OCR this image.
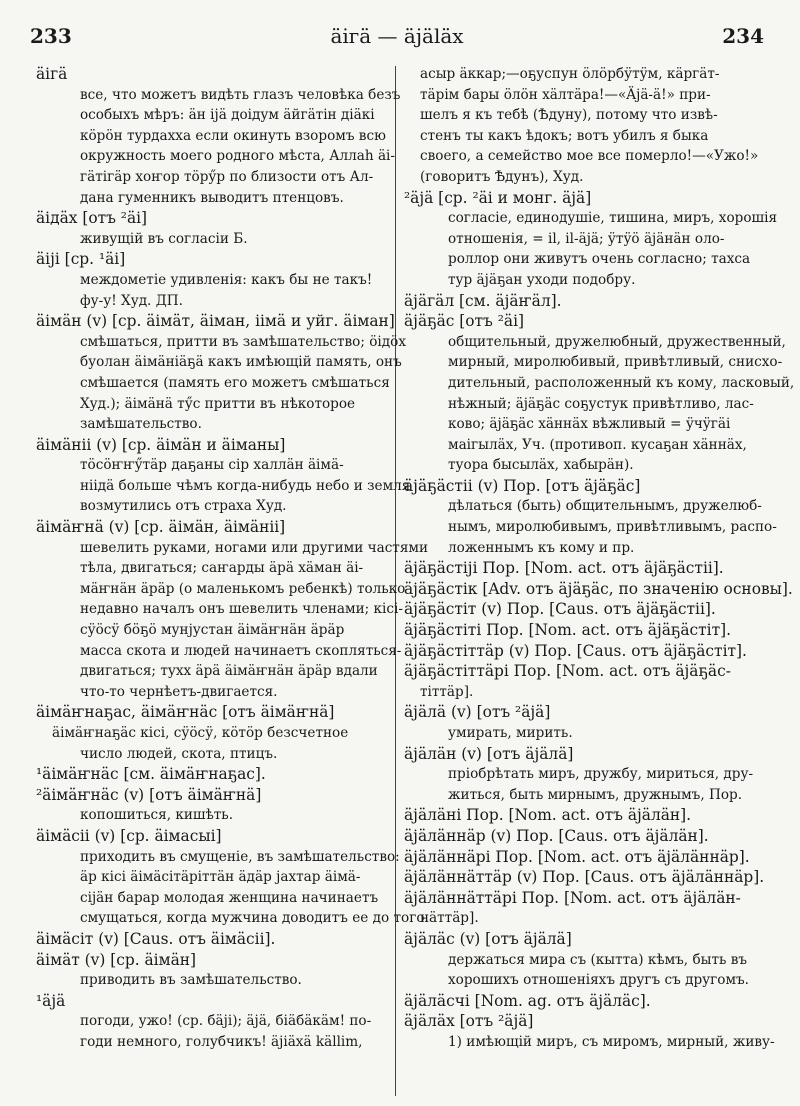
äiгä — äjäläx
233	234
äiгä
все, что можетъ видѣть глазъ человѣка безъ
особыхъ мѣръ: äн ijä доідум äйгäтін дiäкi
кӧрӧн турдахха если окинуть взоромъ всю
окружность моего родного мѣста, Аллаh äi-
гäтiгäр хоҥор тӧрӳр по близости отъ Ал-
дана гуменникъ выводитъ птенцовъ.
äiдäх [отъ ²äi]
живущій въ согласіи Б.
äiji [ср. ¹äi]
междометіе удивленія: какъ бы не такъ!
фу-у! Худ. ДП.
äiмäн (v) [ср. äiмäт, äiман, iiмä и уйг. äiман]
смѣшаться, притти въ замѣшательство; ӧiдӧх
буолан äiмäнiäҕä какъ имѣющій память, онъ
смѣшается (память его можетъ смѣшаться
Худ.); äiмäнä тӳс притти въ нѣкоторое
замѣшательство.
äiмäнii (v) [ср. äiмäн и äiманы]
тӧсӧҥҥӳтäр даҕаны сiр халлäн äiмä-
нiiдä больше чѣмъ когда-нибудь небо и земля
возмутились отъ страха Худ.
äiмäҥнä (v) [ср. äiмäн, äiмäнii]
шевелить руками, ногами или другими частями
тѣла, двигаться; саҥарды äрä хäман äi-
мäҥнäн äрäр (о маленькомъ ребенкѣ) только
недавно началъ онъ шевелить членами; кiсi-
сӱӧсӱ бӧҕӧ мунjустан äiмäҥнäн äрäр
масса скота и людей начинаетъ скопляться-
двигаться; тухх äрä äiмäҥнäн äрäр вдали
что-то чернѣетъ-двигается.
äiмäҥнаҕас, äiмäҥнäс [отъ äiмäҥнä]
äiмäҥнаҕäс кiсi, сӱӧсӱ, кӧтӧр безсчетное
число людей, скота, птицъ.
¹äiмäҥнäс [см. äiмäҥнаҕас].
²äiмäҥнäс (v) [отъ äiмäҥнä]
копошиться, кишѣть.
äiмäсii (v) [ср. äiмасыi]
приходить въ смущеніе, въ замѣшательство:
äр кiсi äiмäсiтäрiттäн äдäр jахтар äiмä-
сijäн барар молодая женщина начинаетъ
смущаться, когда мужчина доводитъ ее до того.
äiмäсiт (v) [Caus. отъ äiмäсii].
äiмäт (v) [ср. äiмäн]
приводить въ замѣшательство.
¹äjä
погоди, ужо! (ср. бäjі); äjä, бiäбäкäм! по-
годи немного, голубчикъ! äjiäxä källim,
асыр äккар;—оҕуспун ӧлӧрбӱтӱм, кäргäт-
тäрiм бары ӧлӧн хäлтäра!—«Äjä-ä!» при-
шелъ я къ тебѣ (Ѣдуну), потому что извѣ-
стенъ ты какъ ѣдокъ; вотъ убилъ я быка
своего, а семейство мое все померло!—«Ужо!»
(говоритъ Ѣдунъ), Худ.
²äjä [ср. ²äi и монг. äjä]
согласіе, единодушіе, тишина, миръ, хорошія
отношенія, = il, il-äjä; ӱтӱӧ äjäнäн оло-
роллор они живутъ очень согласно; тахса
тур äjäҕан уходи подобру.
äjäгäл [см. äjäҥäл].
äjäҕäс [отъ ²äi]
общительный, дружелюбный, дружественный,
мирный, миролюбивый, привѣтливый, снисхо-
дительный, расположенный къ кому, ласковый,
нѣжный; äjäҕäс соҕустук привѣтливо, лас-
ково; äjäҕäс хäннäх вѣжливый = ӱчӱгäi
маiгылäх, Уч. (противоп. кусаҕан хäннäх,
туора бысылäх, хабырäн).
äjäҕäстii (v) Пор. [отъ äjäҕäс]
дѣлаться (быть) общительнымъ, дружелюб-
нымъ, миролюбивымъ, привѣтливымъ, распо-
ложеннымъ къ кому и пр.
äjäҕäстiji Пор. [Nom. act. отъ äjäҕäстii].
äjäҕäстiк [Adv. отъ äjäҕäс, по значенію основы].
äjäҕäстiт (v) Пор. [Caus. отъ äjäҕäстii].
äjäҕäстiтi Пор. [Nom. act. отъ äjäҕäстiт].
äjäҕäстiттäр (v) Пор. [Caus. отъ äjäҕäстiт].
äjäҕäстiттäрi Пор. [Nom. act. отъ äjäҕäс-
тiттäр].
äjäлä (v) [отъ ²äjä]
умирать, мирить.
äjäлäн (v) [отъ äjäлä]
пріобрѣтать миръ, дружбу, мириться, дру-
житься, быть мирнымъ, дружнымъ, Пор.
äjäлäнi Пор. [Nom. act. отъ äjäлäн].
äjäлäннäр (v) Пор. [Caus. отъ äjäлäн].
äjäлäннäрi Пор. [Nom. act. отъ äjäлäннäр].
äjäлäннäттäр (v) Пор. [Caus. отъ äjäлäннäр].
äjäлäннäттäрi Пор. [Nom. act. отъ äjäлäн-
нäттäр].
äjäлäс (v) [отъ äjäлä]
держаться мира съ (кытта) кѣмъ, быть въ
хорошихъ отношеніяхъ другъ съ другомъ.
äjäлäсчi [Nom. ag. отъ äjäлäс].
äjäлäx [отъ ²äjä]
1) имѣющій миръ, съ миромъ, мирный, живу-
